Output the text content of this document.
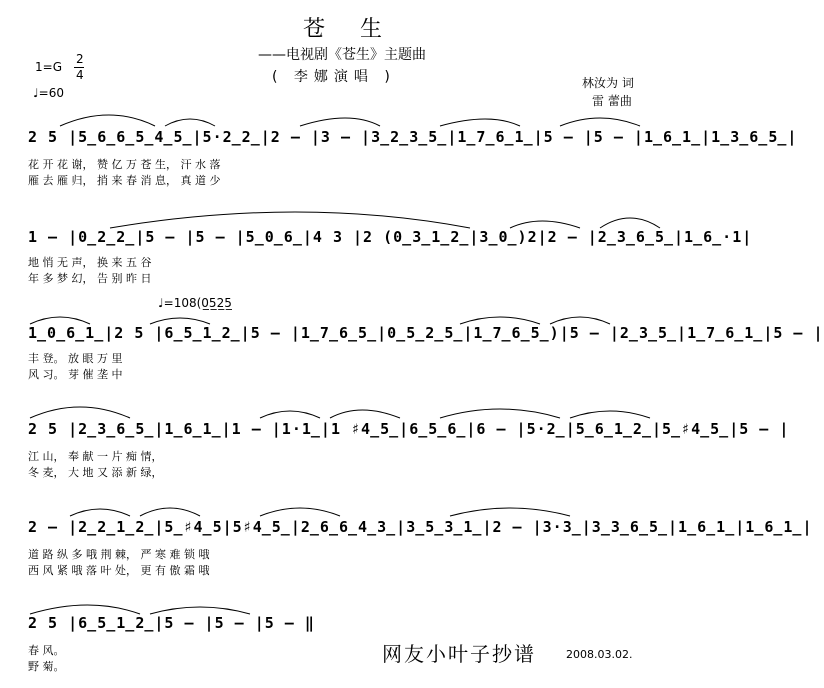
苍 生
——电视剧《苍生》主题曲
( 李娜演唱 )
1=G
2
4
♩=60
林汝为 词
雷 蕾曲
2 5 |5̲6̲6̲5̲4̲5̲|5·2̲2̲|2 – |3 – |3̲2̲3̲5̲|1̲7̲6̲1̲|5 – |5 – |1̲6̲1̲|1̲3̲6̲5̲|
花 开 花 谢， 赞 亿 万 苍 生， 汗 水 落
雁 去 雁 归， 捎 来 春 消 息， 真 道 少
1 – |0̲2̲2̲|5 – |5 – |5̲0̲6̲|4 3 |2 (0̲3̲1̲2̲|3̲0̲)2|2 – |2̲3̲6̲5̲|1̲6̲·1|
地 悄 无 声， 换 来 五 谷
年 多 梦 幻， 告 别 昨 日
♩=108(0̲5̲2̲5̲
1̲0̲6̲1̲|2 5 |6̲5̲1̲2̲|5 – |1̲7̲6̲5̲|0̲5̲2̲5̲|1̲7̲6̲5̲)|5 – |2̲3̲5̲|1̲7̲6̲1̲|5 – |
丰 登。 放 眼 万 里
风 习。 芽 催 垄 中
2 5 |2̲3̲6̲5̲|1̲6̲1̲|1 – |1·1̲|1 ♯4̲5̲|6̲5̲6̲|6 – |5·2̲|5̲6̲1̲2̲|5̲♯4̲5̲|5 – |
江 山， 奉 献 一 片 痴 情，
冬 麦， 大 地 又 添 新 绿，
2 – |2̲2̲1̲2̲|5̲♯4̲5|5♯4̲5̲|2̲6̲6̲4̲3̲|3̲5̲3̲1̲|2 – |3·3̲|3̲3̲6̲5̲|1̲6̲1̲|1̲6̲1̲|
道 路 纵 多 哦 荆 棘， 严 寒 难 锁 哦
西 风 紧 哦 落 叶 处， 更 有 傲 霜 哦
2 5 |6̲5̲1̲2̲|5 – |5 – |5 – ‖
春 风。
野 菊。
网友小叶子抄谱	2008.03.02.
